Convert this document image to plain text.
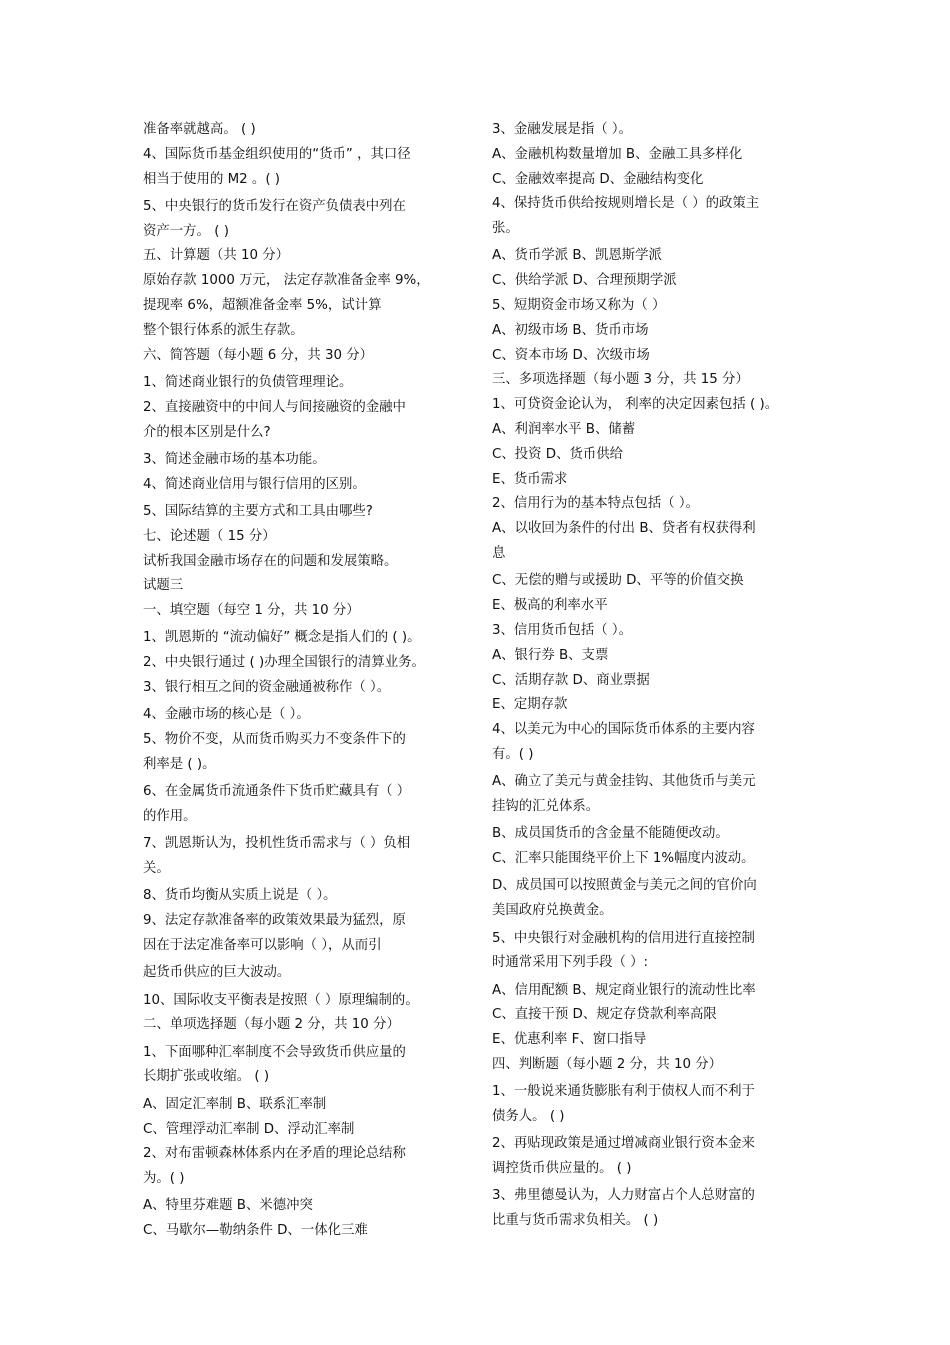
准备率就越高。 ( )
4、国际货币基金组织使用的“货币” ，其口径
相当于使用的 M2 。( )
5、中央银行的货币发行在资产负债表中列在
资产一方。 ( )
五、计算题（共 10 分）
原始存款 1000 万元， 法定存款准备金率 9%，
提现率 6%，超额准备金率 5%，试计算
整个银行体系的派生存款。
六、简答题（每小题 6 分，共 30 分）
1、简述商业银行的负债管理理论。
2、直接融资中的中间人与间接融资的金融中
介的根本区别是什么?
3、简述金融市场的基本功能。
4、简述商业信用与银行信用的区别。
5、国际结算的主要方式和工具由哪些?
七、论述题（ 15 分）
试析我国金融市场存在的问题和发展策略。
试题三
一、填空题（每空 1 分，共 10 分）
1、凯恩斯的 “流动偏好” 概念是指人们的 ( )。
2、中央银行通过 ( )办理全国银行的清算业务。
3、银行相互之间的资金融通被称作（ ）。
4、金融市场的核心是（ ）。
5、物价不变，从而货币购买力不变条件下的
利率是 ( )。
6、在金属货币流通条件下货币贮藏具有（ ）
的作用。
7、凯恩斯认为，投机性货币需求与（ ）负相
关。
8、货币均衡从实质上说是（ ）。
9、法定存款准备率的政策效果最为猛烈，原
因在于法定准备率可以影响（ ），从而引
起货币供应的巨大波动。
10、国际收支平衡表是按照（ ）原理编制的。
二、单项选择题（每小题 2 分，共 10 分）
1、下面哪种汇率制度不会导致货币供应量的
长期扩张或收缩。 ( )
A、固定汇率制 B、联系汇率制
C、管理浮动汇率制 D、浮动汇率制
2、对布雷顿森林体系内在矛盾的理论总结称
为。( )
A、特里芬难题 B、米德冲突
C、马歇尔—勒纳条件 D、一体化三难
3、金融发展是指（ ）。
A、金融机构数量增加 B、金融工具多样化
C、金融效率提高 D、金融结构变化
4、保持货币供给按规则增长是（ ）的政策主
张。
A、货币学派 B、凯恩斯学派
C、供给学派 D、合理预期学派
5、短期资金市场又称为（ ）
A、初级市场 B、货币市场
C、资本市场 D、次级市场
三、多项选择题（每小题 3 分，共 15 分）
1、可贷资金论认为， 利率的决定因素包括 ( )。
A、利润率水平 B、储蓄
C、投资 D、货币供给
E、货币需求
2、信用行为的基本特点包括（ ）。
A、以收回为条件的付出 B、贷者有权获得利
息
C、无偿的赠与或援助 D、平等的价值交换
E、极高的利率水平
3、信用货币包括（ ）。
A、银行券 B、支票
C、活期存款 D、商业票据
E、定期存款
4、以美元为中心的国际货币体系的主要内容
有。( )
A、确立了美元与黄金挂钩、其他货币与美元
挂钩的汇兑体系。
B、成员国货币的含金量不能随便改动。
C、汇率只能围绕平价上下 1%幅度内波动。
D、成员国可以按照黄金与美元之间的官价向
美国政府兑换黄金。
5、中央银行对金融机构的信用进行直接控制
时通常采用下列手段（ ）:
A、信用配额 B、规定商业银行的流动性比率
C、直接干预 D、规定存贷款利率高限
E、优惠利率 F、窗口指导
四、判断题（每小题 2 分，共 10 分）
1、一般说来通货膨胀有利于债权人而不利于
债务人。 ( )
2、再贴现政策是通过增减商业银行资本金来
调控货币供应量的。 ( )
3、弗里德曼认为，人力财富占个人总财富的
比重与货币需求负相关。 ( )
